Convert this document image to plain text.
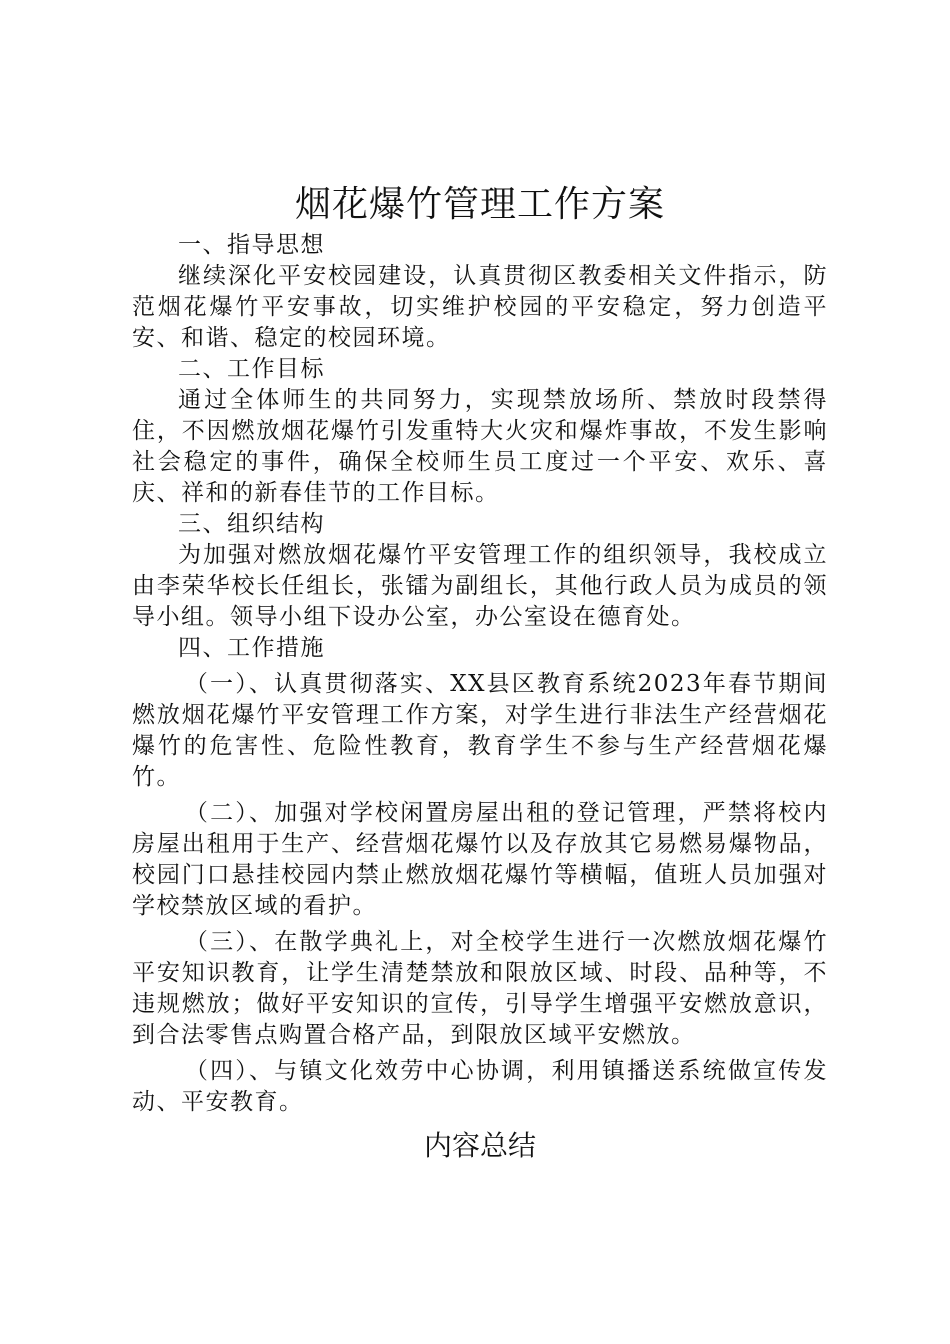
烟花爆竹管理工作方案

一、指导思想

继续深化平安校园建设，认真贯彻区教委相关文件指示，防范烟花爆竹平安事故，切实维护校园的平安稳定，努力创造平安、和谐、稳定的校园环境。

二、工作目标

通过全体师生的共同努力，实现禁放场所、禁放时段禁得住，不因燃放烟花爆竹引发重特大火灾和爆炸事故，不发生影响社会稳定的事件，确保全校师生员工度过一个平安、欢乐、喜庆、祥和的新春佳节的工作目标。

三、组织结构

为加强对燃放烟花爆竹平安管理工作的组织领导，我校成立由李荣华校长任组长，张镭为副组长，其他行政人员为成员的领导小组。领导小组下设办公室，办公室设在德育处。

四、工作措施

（一）、认真贯彻落实、XX县区教育系统2023年春节期间燃放烟花爆竹平安管理工作方案，对学生进行非法生产经营烟花爆竹的危害性、危险性教育，教育学生不参与生产经营烟花爆竹。

（二）、加强对学校闲置房屋出租的登记管理，严禁将校内房屋出租用于生产、经营烟花爆竹以及存放其它易燃易爆物品，校园门口悬挂校园内禁止燃放烟花爆竹等横幅，值班人员加强对学校禁放区域的看护。

（三）、在散学典礼上，对全校学生进行一次燃放烟花爆竹平安知识教育，让学生清楚禁放和限放区域、时段、品种等，不违规燃放；做好平安知识的宣传，引导学生增强平安燃放意识，到合法零售点购置合格产品，到限放区域平安燃放。

（四）、与镇文化效劳中心协调，利用镇播送系统做宣传发动、平安教育。

内容总结
